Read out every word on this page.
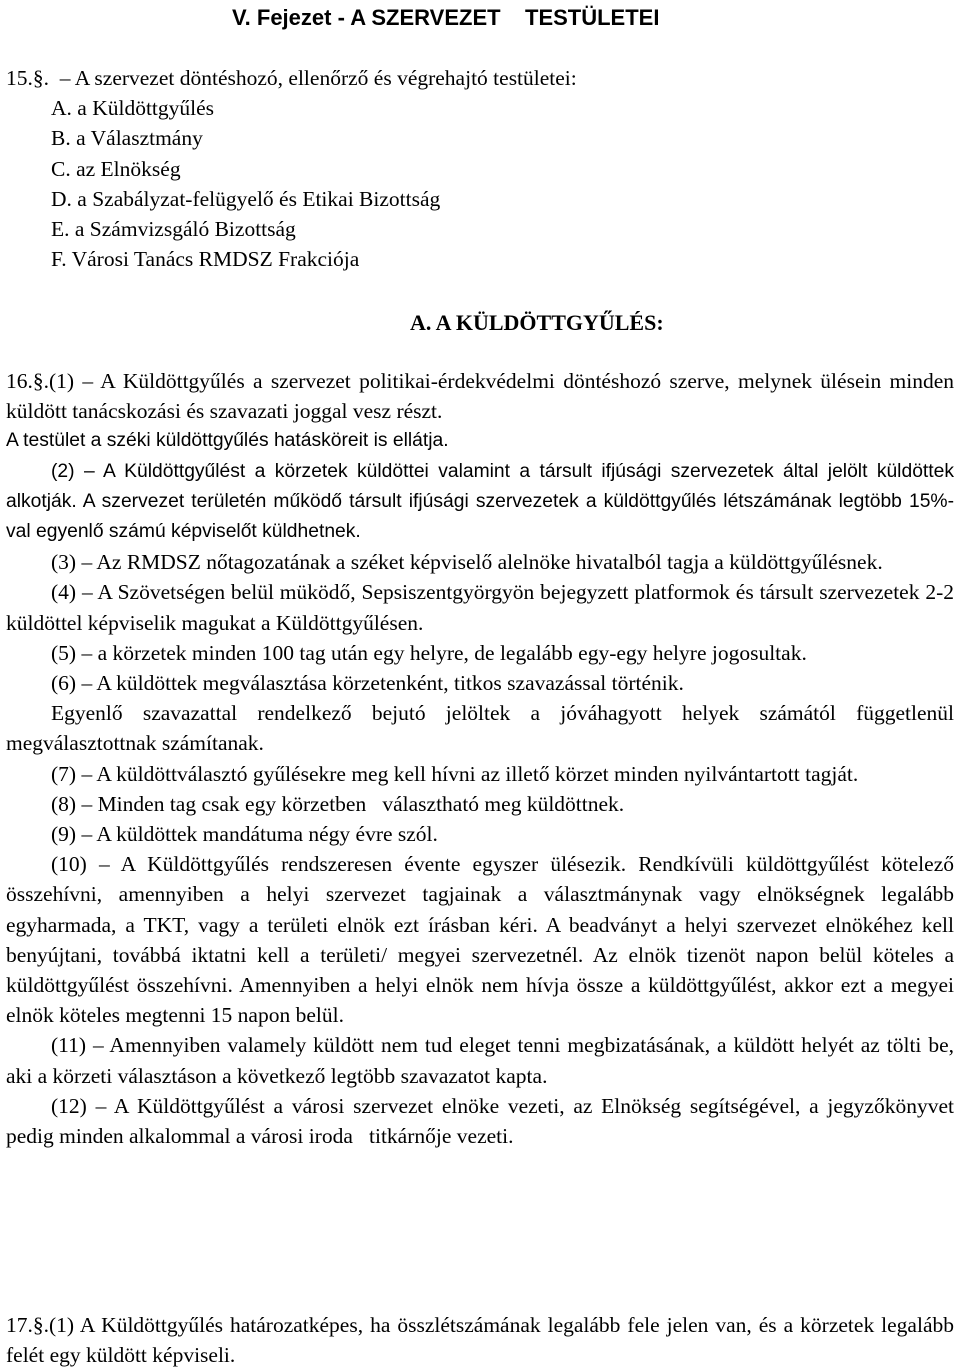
V. Fejezet - A SZERVEZET    TESTÜLETEI
15.§.  – A szervezet döntéshozó, ellenőrző és végrehajtó testületei:
A. a Küldöttgyűlés
B. a Választmány
C. az Elnökség
D. a Szabályzat-felügyelő és Etikai Bizottság
E. a Számvizsgáló Bizottság
F. Városi Tanács RMDSZ Frakciója
A. A KÜLDÖTTGYŰLÉS:

16.§.(1) – A Küldöttgyűlés a szervezet politikai-érdekvédelmi döntéshozó szerve, melynek ülésein minden küldött tanácskozási és szavazati joggal vesz részt.

A testület a széki küldöttgyűlés hatásköreit is ellátja.

(2) – A Küldöttgyűlést a körzetek küldöttei valamint a társult ifjúsági szervezetek által jelölt küldöttek alkotják. A szervezet területén működő társult ifjúsági szervezetek a küldöttgyűlés létszámának legtöbb 15%-val egyenlő számú képviselőt küldhetnek.

(3) – Az RMDSZ nőtagozatának a széket képviselő alelnöke hivatalból tagja a küldöttgyűlésnek.

(4) – A Szövetségen belül müködő, Sepsiszentgyörgyön bejegyzett platformok és társult szervezetek 2-2 küldöttel képviselik magukat a Küldöttgyűlésen.

(5) – a körzetek minden 100 tag után egy helyre, de legalább egy-egy helyre jogosultak.

(6) – A küldöttek megválasztása körzetenként, titkos szavazással történik.

Egyenlő szavazattal rendelkező bejutó jelöltek a jóváhagyott helyek számától függetlenül megválasztottnak számítanak.

(7) – A küldöttválasztó gyűlésekre meg kell hívni az illető körzet minden nyilvántartott tagját.

(8) – Minden tag csak egy körzetben   választható meg küldöttnek.

(9) – A küldöttek mandátuma négy évre szól.

(10) – A Küldöttgyűlés rendszeresen évente egyszer ülésezik. Rendkívüli küldöttgyűlést kötelező összehívni, amennyiben a helyi szervezet tagjainak a választmánynak vagy elnökségnek legalább egyharmada, a TKT, vagy a területi elnök ezt írásban kéri. A beadványt a helyi szervezet elnökéhez kell benyújtani, továbbá iktatni kell a területi/ megyei szervezetnél. Az elnök tizenöt napon belül köteles a küldöttgyűlést összehívni. Amennyiben a helyi elnök nem hívja össze a küldöttgyűlést, akkor ezt a megyei elnök köteles megtenni 15 napon belül.

(11) – Amennyiben valamely küldött nem tud eleget tenni megbizatásának, a küldött helyét az tölti be, aki a körzeti választáson a következő legtöbb szavazatot kapta.

(12) – A Küldöttgyűlést a városi szervezet elnöke vezeti, az Elnökség segítségével, a jegyzőkönyvet pedig minden alkalommal a városi iroda   titkárnője vezeti.

17.§.(1) A Küldöttgyűlés határozatképes, ha összlétszámának legalább fele jelen van, és a körzetek legalább felét egy küldött képviseli.
